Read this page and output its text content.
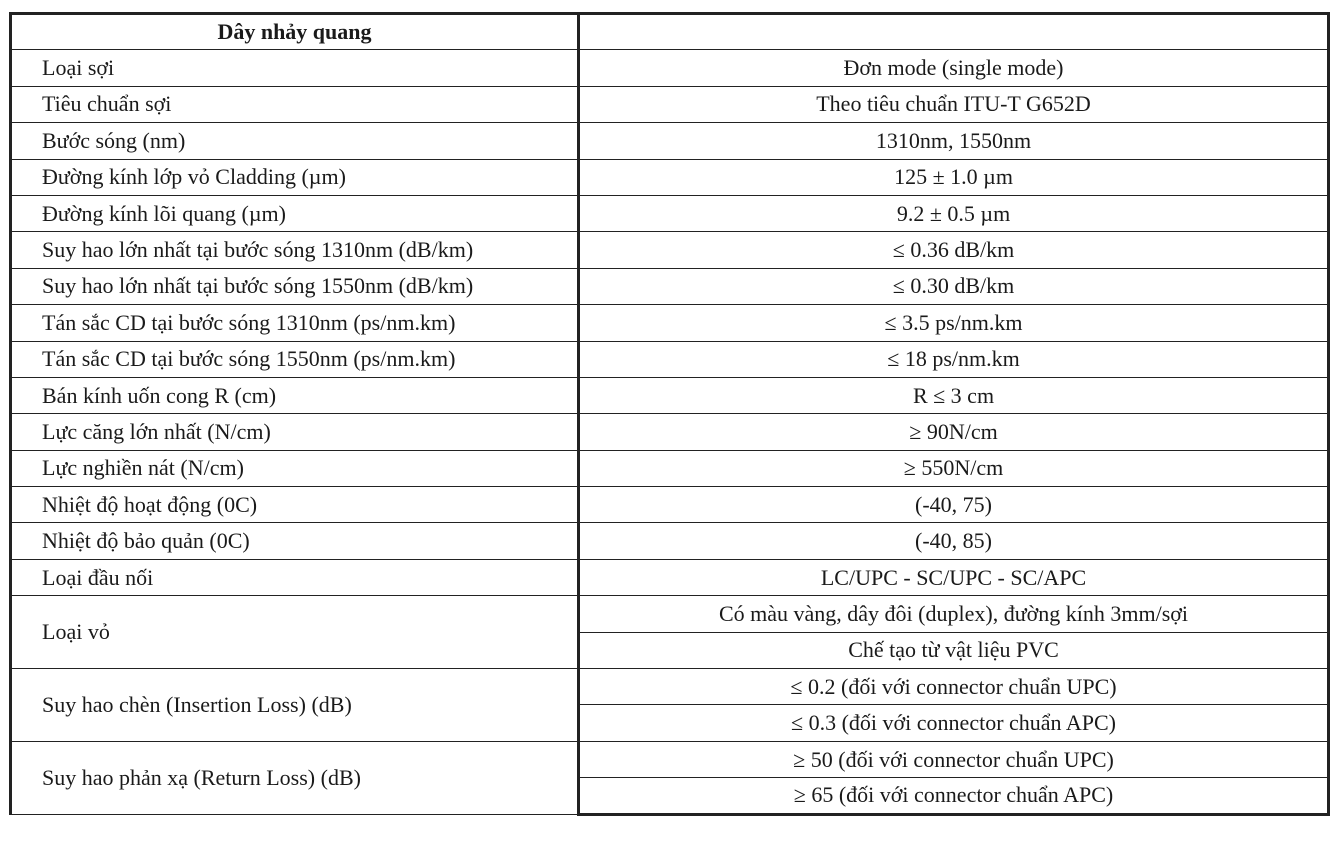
Dây nhảy quang	
Loại sợi	Đơn mode (single mode)
Tiêu chuẩn sợi	Theo tiêu chuẩn ITU-T G652D
Bước sóng (nm)	1310nm, 1550nm
Đường kính lớp vỏ Cladding (µm)	125 ± 1.0 µm
Đường kính lõi quang (µm)	9.2 ± 0.5 µm
Suy hao lớn nhất tại bước sóng 1310nm (dB/km)	≤ 0.36 dB/km
Suy hao lớn nhất tại bước sóng 1550nm (dB/km)	≤ 0.30 dB/km
Tán sắc CD tại bước sóng 1310nm (ps/nm.km)	≤ 3.5 ps/nm.km
Tán sắc CD tại bước sóng 1550nm (ps/nm.km)	≤ 18 ps/nm.km
Bán kính uốn cong R (cm)	R ≤ 3 cm
Lực căng lớn nhất (N/cm)	≥ 90N/cm
Lực nghiền nát (N/cm)	≥ 550N/cm
Nhiệt độ hoạt động (0C)	(-40, 75)
Nhiệt độ bảo quản (0C)	(-40, 85)
Loại đầu nối	LC/UPC - SC/UPC - SC/APC
Loại vỏ	Có màu vàng, dây đôi (duplex), đường kính 3mm/sợi
	Chế tạo từ vật liệu PVC
Suy hao chèn (Insertion Loss) (dB)	≤ 0.2 (đối với connector chuẩn UPC)
	≤ 0.3 (đối với connector chuẩn APC)
Suy hao phản xạ (Return Loss) (dB)	≥ 50 (đối với connector chuẩn UPC)
	≥ 65 (đối với connector chuẩn APC)
